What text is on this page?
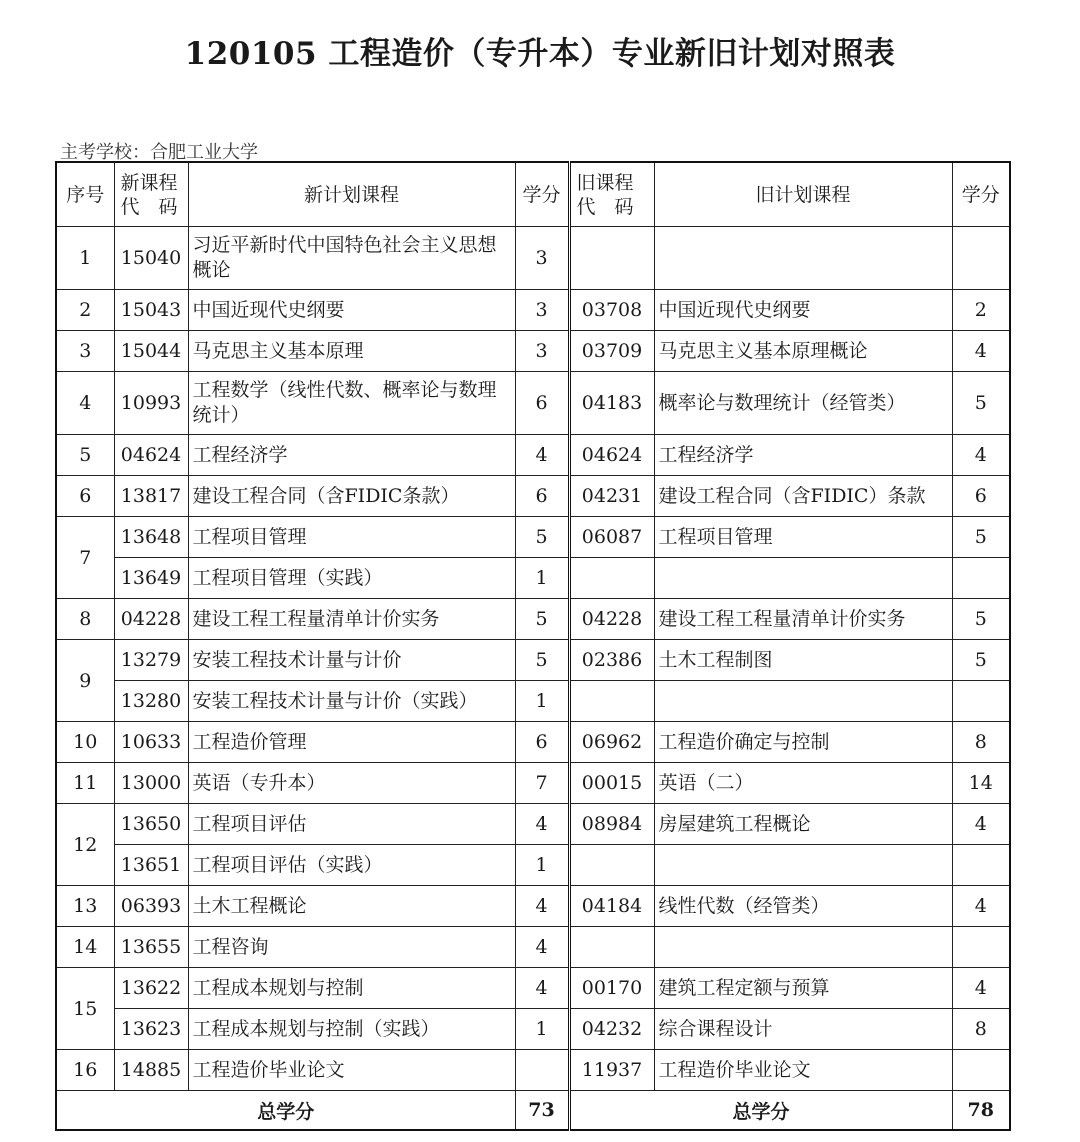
120105 工程造价（专升本）专业新旧计划对照表
主考学校：合肥工业大学
序号	新课程
代　码	新计划课程	学分	旧课程
代　码	旧计划课程	学分
1	15040	习近平新时代中国特色社会主义思想概论	3			
2	15043	中国近现代史纲要	3	03708	中国近现代史纲要	2
3	15044	马克思主义基本原理	3	03709	马克思主义基本原理概论	4
4	10993	工程数学（线性代数、概率论与数理统计）	6	04183	概率论与数理统计（经管类）	5
5	04624	工程经济学	4	04624	工程经济学	4
6	13817	建设工程合同（含FIDIC条款）	6	04231	建设工程合同（含FIDIC）条款	6
7	13648	工程项目管理	5	06087	工程项目管理	5
	13649	工程项目管理（实践）	1			
8	04228	建设工程工程量清单计价实务	5	04228	建设工程工程量清单计价实务	5
9	13279	安装工程技术计量与计价	5	02386	土木工程制图	5
	13280	安装工程技术计量与计价（实践）	1			
10	10633	工程造价管理	6	06962	工程造价确定与控制	8
11	13000	英语（专升本）	7	00015	英语（二）	14
12	13650	工程项目评估	4	08984	房屋建筑工程概论	4
	13651	工程项目评估（实践）	1			
13	06393	土木工程概论	4	04184	线性代数（经管类）	4
14	13655	工程咨询	4			
15	13622	工程成本规划与控制	4	00170	建筑工程定额与预算	4
	13623	工程成本规划与控制（实践）	1	04232	综合课程设计	8
16	14885	工程造价毕业论文		11937	工程造价毕业论文	
总学分			73	总学分		78
